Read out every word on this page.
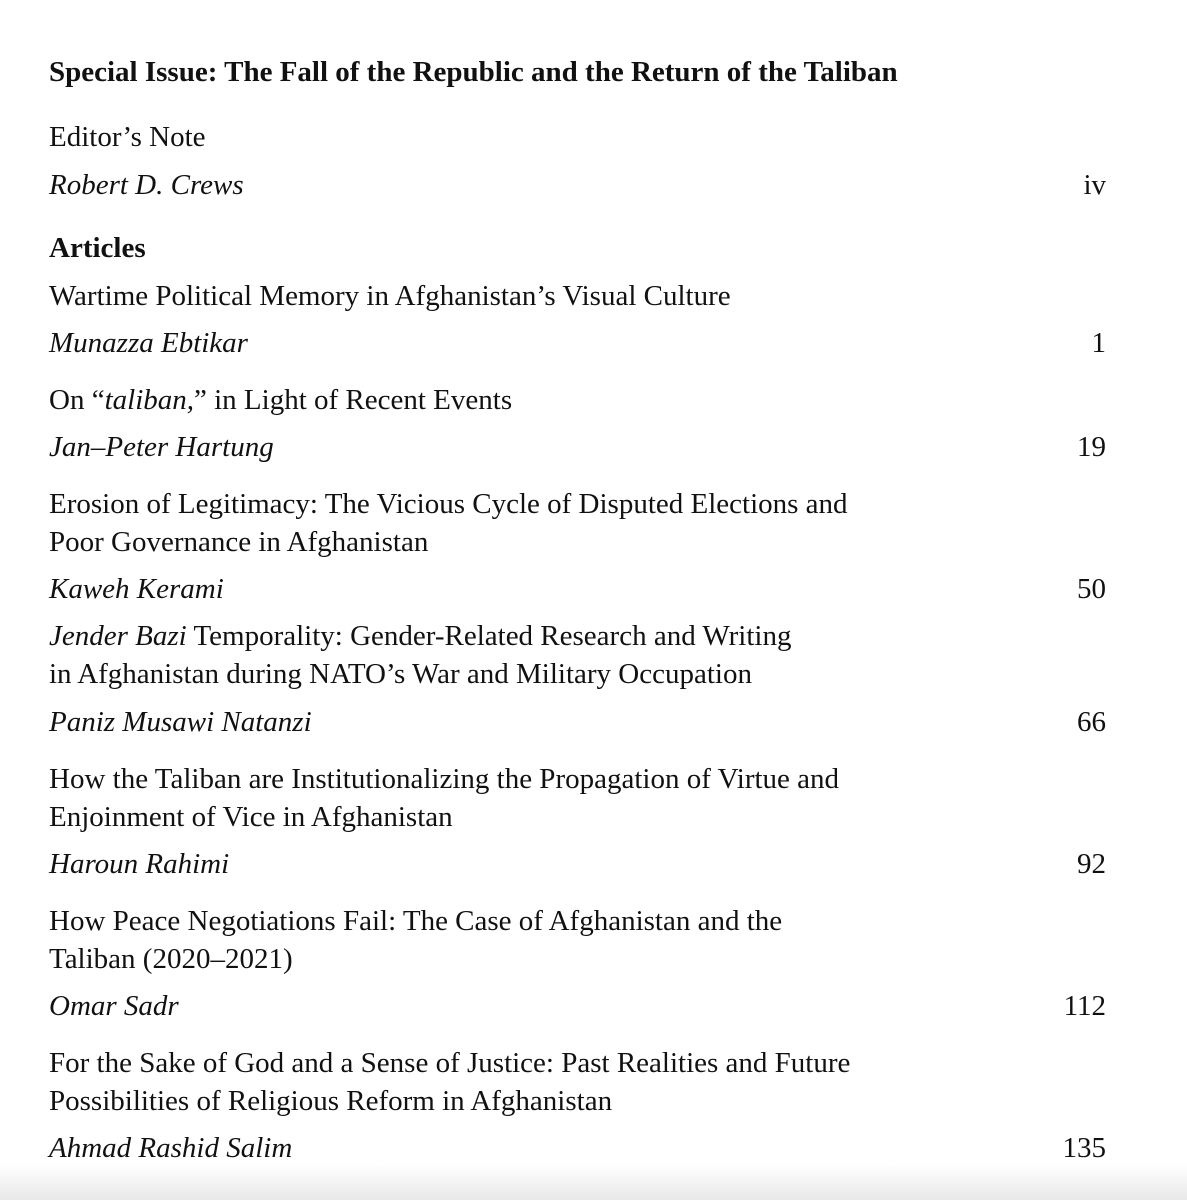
Special Issue: The Fall of the Republic and the Return of the Taliban
Editor’s Note
Robert D. Crews	iv
Articles
Wartime Political Memory in Afghanistan’s Visual Culture
Munazza Ebtikar	1
On “taliban,” in Light of Recent Events
Jan–Peter Hartung	19
Erosion of Legitimacy: The Vicious Cycle of Disputed Elections and
Poor Governance in Afghanistan
Kaweh Kerami	50
Jender Bazi Temporality: Gender-Related Research and Writing
in Afghanistan during NATO’s War and Military Occupation
Paniz Musawi Natanzi	66
How the Taliban are Institutionalizing the Propagation of Virtue and
Enjoinment of Vice in Afghanistan
Haroun Rahimi	92
How Peace Negotiations Fail: The Case of Afghanistan and the
Taliban (2020–2021)
Omar Sadr	112
For the Sake of God and a Sense of Justice: Past Realities and Future
Possibilities of Religious Reform in Afghanistan
Ahmad Rashid Salim	135
